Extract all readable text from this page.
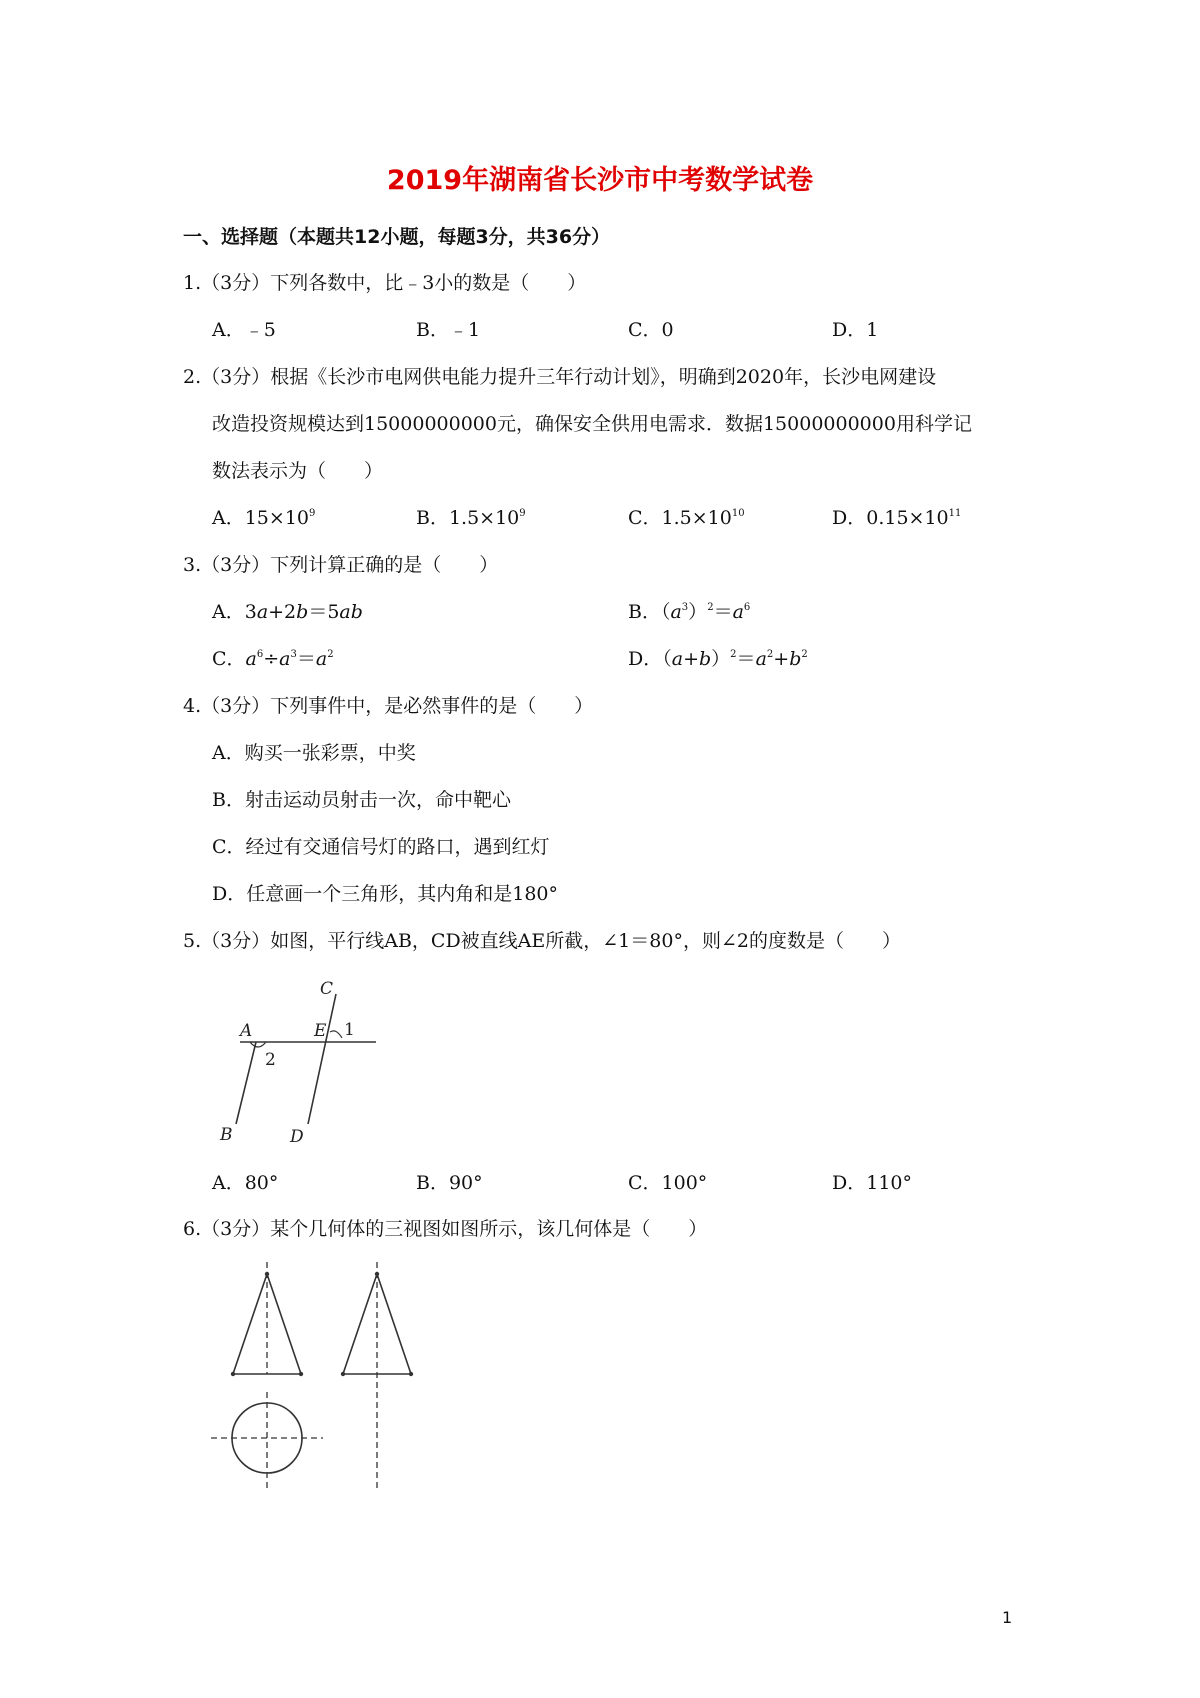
2019年湖南省长沙市中考数学试卷
一、选择题（本题共12小题，每题3分，共36分）
1.（3分）下列各数中，比﹣3小的数是（　　）
A．﹣5	B．﹣1	C．0	D．1
2.（3分）根据《长沙市电网供电能力提升三年行动计划》，明确到2020年，长沙电网建设
改造投资规模达到15000000000元，确保安全供用电需求．数据15000000000用科学记
数法表示为（　　）
A．$15\times 10^9$	B．$1.5\times 10^9$	C．$1.5\times 10^{10}$	D．$0.15\times 10^{11}$
3.（3分）下列计算正确的是（　　）
A．3a+2b＝5ab	B．$(a^3)^2=a^6$
C．$a^6\div a^3=a^2$	D．$(a+b)^2=a^2+b^2$
4.（3分）下列事件中，是必然事件的是（　　）
A．购买一张彩票，中奖
B．射击运动员射击一次，命中靶心
C．经过有交通信号灯的路口，遇到红灯
D．任意画一个三角形，其内角和是180°
5.（3分）如图，平行线AB，CD被直线AE所截，∠1＝80°，则∠2的度数是（　　）
C
A	E 1
2
B	D
A．80°	B．90°	C．100°	D．110°
6.（3分）某个几何体的三视图如图所示，该几何体是（　　）
1
